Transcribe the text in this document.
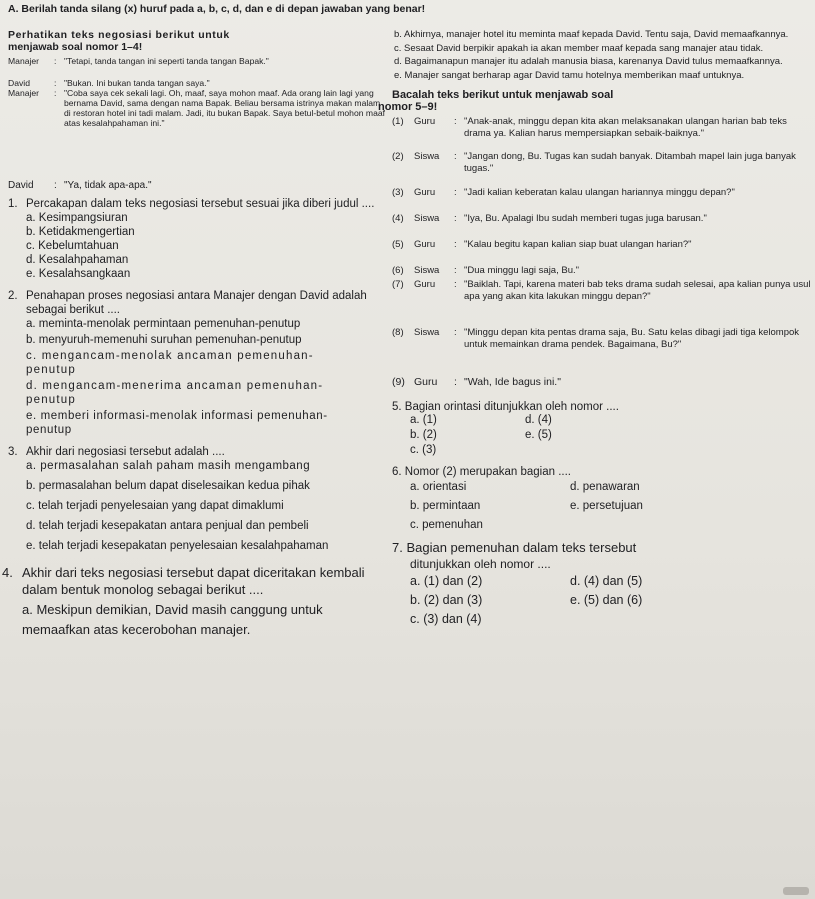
A. Berilah tanda silang (x) huruf pada a, b, c, d, dan e di depan jawaban yang benar!
Perhatikan teks negosiasi berikut untuk
menjawab soal nomor 1–4!
Manajer	: "Tetapi, tanda tangan ini seperti tanda tangan Bapak."
David	: "Bukan. Ini bukan tanda tangan saya."
Manajer	: "Coba saya cek sekali lagi. Oh, maaf, saya mohon maaf. Ada orang lain lagi yang bernama David, sama dengan nama Bapak. Beliau bersama istrinya makan malam di restoran hotel ini tadi malam. Jadi, itu bukan Bapak. Saya betul-betul mohon maaf atas kesalahpahaman ini."
David	: "Ya, tidak apa-apa."
1. Percakapan dalam teks negosiasi tersebut sesuai jika diberi judul ....
a. Kesimpangsiuran
b. Ketidakmengertian
c. Kebelumtahuan
d. Kesalahpahaman
e. Kesalahsangkaan
2. Penahapan proses negosiasi antara Manajer dengan David adalah sebagai berikut ....
a. meminta-menolak permintaan pemenuhan-penutup
b. menyuruh-memenuhi suruhan pemenuhan-penutup
c. mengancam-menolak ancaman pemenuhan-penutup
d. mengancam-menerima ancaman pemenuhan-penutup
e. memberi informasi-menolak informasi pemenuhan-penutup
3. Akhir dari negosiasi tersebut adalah ....
a. permasalahan salah paham masih mengambang
b. permasalahan belum dapat diselesaikan kedua pihak
c. telah terjadi penyelesaian yang dapat dimaklumi
d. telah terjadi kesepakatan antara penjual dan pembeli
e. telah terjadi kesepakatan penyelesaian kesalahpahaman
4. Akhir dari teks negosiasi tersebut dapat diceritakan kembali dalam bentuk monolog sebagai berikut ....
a. Meskipun demikian, David masih canggung untuk memaafkan atas kecerobohan manajer.
b. Akhirnya, manajer hotel itu meminta maaf kepada David. Tentu saja, David memaafkannya.
c. Sesaat David berpikir apakah ia akan member maaf kepada sang manajer atau tidak.
d. Bagaimanapun manajer itu adalah manusia biasa, karenanya David tulus memaafkannya.
e. Manajer sangat berharap agar David tamu hotelnya memberikan maaf untuknya.
Bacalah teks berikut untuk menjawab soal
nomor 5–9!
(1)	Guru	: "Anak-anak, minggu depan kita akan melaksanakan ulangan harian bab teks drama ya. Kalian harus mempersiapkan sebaik-baiknya."
(2)	Siswa	: "Jangan dong, Bu. Tugas kan sudah banyak. Ditambah mapel lain juga banyak tugas."
(3)	Guru	: "Jadi kalian keberatan kalau ulangan hariannya minggu depan?"
(4)	Siswa	: "Iya, Bu. Apalagi Ibu sudah memberi tugas juga barusan."
(5)	Guru	: "Kalau begitu kapan kalian siap buat ulangan harian?"
(6)	Siswa	: "Dua minggu lagi saja, Bu."
(7)	Guru	: "Baiklah. Tapi, karena materi bab teks drama sudah selesai, apa kalian punya usul apa yang akan kita lakukan minggu depan?"
(8)	Siswa	: "Minggu depan kita pentas drama saja, Bu. Satu kelas dibagi jadi tiga kelompok untuk memainkan drama pendek. Bagaimana, Bu?"
(9) Guru	: "Wah, Ide bagus ini."
5. Bagian orintasi ditunjukkan oleh nomor ....
a. (1)	d. (4)
b. (2)	e. (5)
c. (3)
6. Nomor (2) merupakan bagian ....
a. orientasi	d. penawaran
b. permintaan	e. persetujuan
c. pemenuhan
7. Bagian pemenuhan dalam teks tersebut
ditunjukkan oleh nomor ....
a. (1) dan (2)	d. (4) dan (5)
b. (2) dan (3)	e. (5) dan (6)
c. (3) dan (4)
